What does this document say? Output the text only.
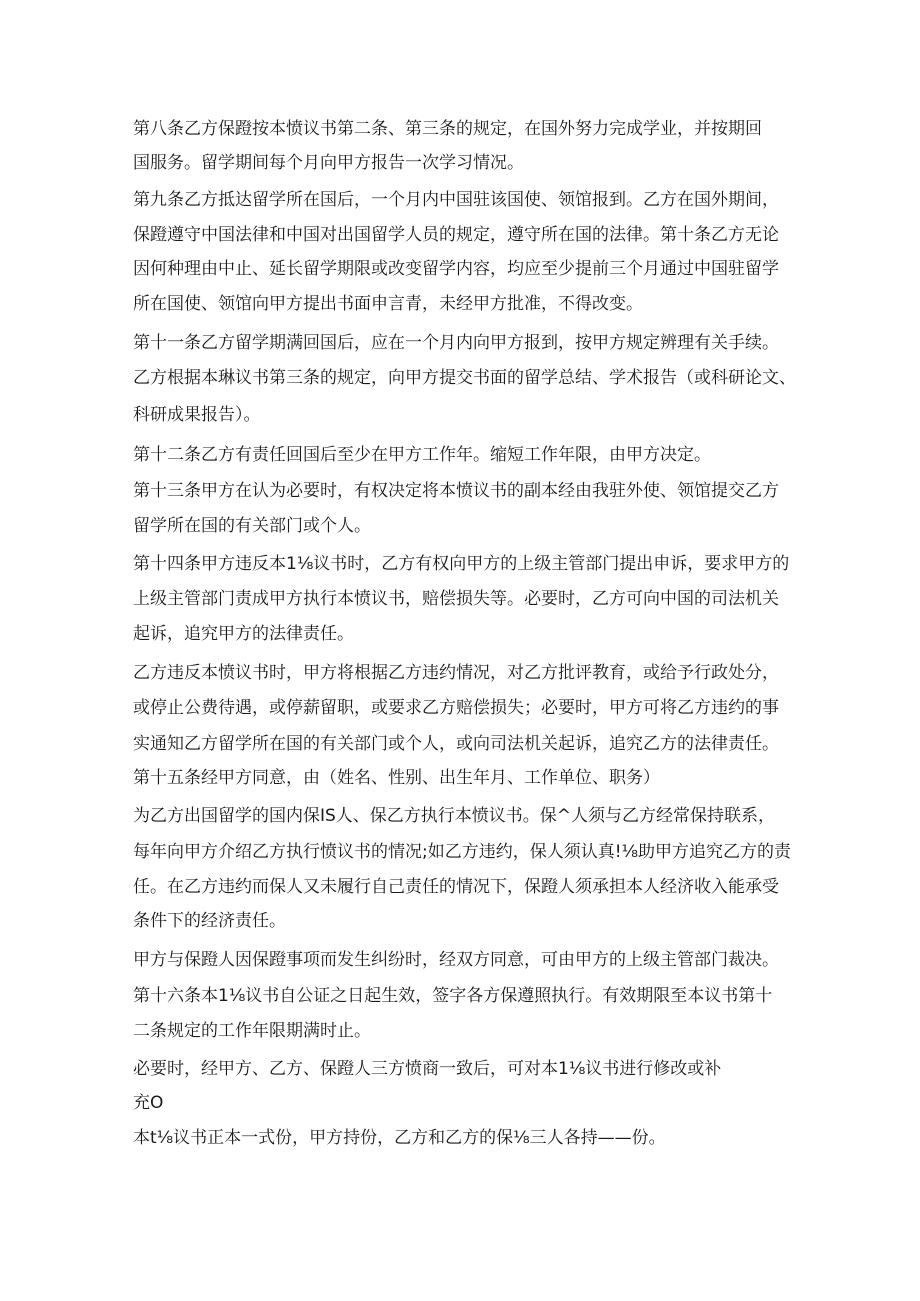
第八条乙方保蹬按本愤议书第二条、第三条的规定，在国外努力完成学业，并按期回
国服务。留学期间每个月向甲方报告一次学习情况。
第九条乙方抵达留学所在国后，一个月内中国驻该国使、领馆报到。乙方在国外期间，
保蹬遵守中国法律和中国对出国留学人员的规定，遵守所在国的法律。第十条乙方无论
因何种理由中止、延长留学期限或改变留学内容，均应至少提前三个月通过中国驻留学
所在国使、领馆向甲方提出书面申言青，未经甲方批准，不得改变。
第十一条乙方留学期满回国后，应在一个月内向甲方报到，按甲方规定辨理有关手续。
乙方根据本琳议书第三条的规定，向甲方提交书面的留学总结、学术报告（或科研论文、
科研成果报告）。
第十二条乙方有责任回国后至少在甲方工作年。缩短工作年限，由甲方决定。
第十三条甲方在认为必要时，有权决定将本愤议书的副本经由我驻外使、领馆提交乙方
留学所在国的有关部门或个人。
第十四条甲方违反本1⅛议书时，乙方有权向甲方的上级主管部门提出申诉，要求甲方的
上级主管部门责成甲方执行本愤议书，赔偿损失等。必要时，乙方可向中国的司法机关
起诉，追究甲方的法律责任。
乙方违反本愤议书时，甲方将根据乙方违约情况，对乙方批评教育，或给予行政处分，
或停止公费待遇，或停薪留职，或要求乙方赔偿损失；必要时，甲方可将乙方违约的事
实通知乙方留学所在国的有关部门或个人，或向司法机关起诉，追究乙方的法律责任。
第十五条经甲方同意，由（姓名、性别、出生年月、工作单位、职务）
为乙方出国留学的国内保IS人、保乙方执行本愤议书。保^人须与乙方经常保持联系，
每年向甲方介绍乙方执行愤议书的情况;如乙方违约，保人须认真!⅛助甲方追究乙方的责
任。在乙方违约而保人又未履行自己责任的情况下，保蹬人须承担本人经济收入能承受
条件下的经济责任。
甲方与保蹬人因保蹬事项而发生纠纷时，经双方同意，可由甲方的上级主管部门裁决。
第十六条本1⅛议书自公证之日起生效，签字各方保遵照执行。有效期限至本议书第十
二条规定的工作年限期满时止。
必要时，经甲方、乙方、保蹬人三方愤商一致后，可对本1⅛议书进行修改或补
充O
本t⅛议书正本一式份，甲方持份，乙方和乙方的保⅛三人各持——份。
